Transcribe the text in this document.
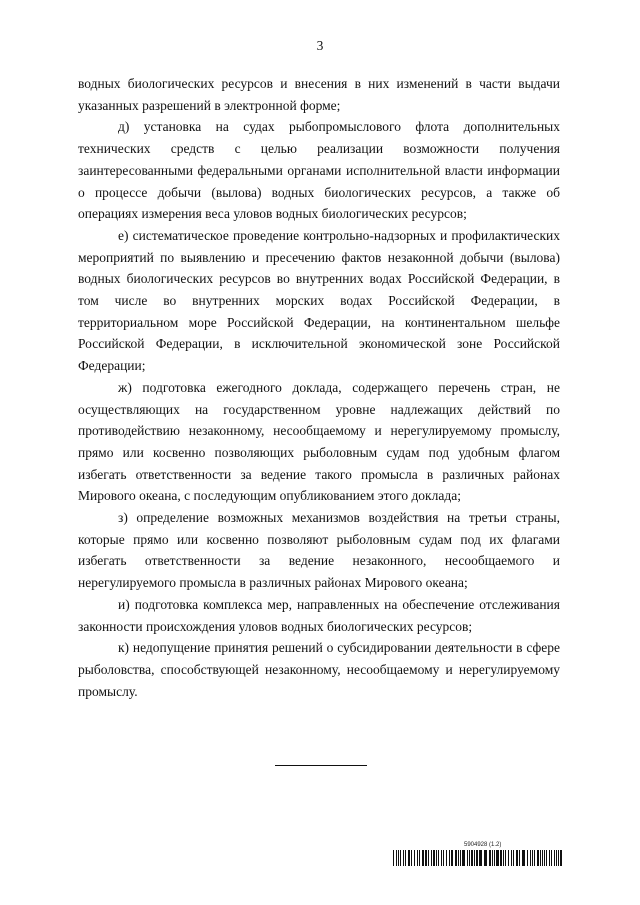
3

водных биологических ресурсов и внесения в них изменений в части выдачи указанных разрешений в электронной форме;

д) установка на судах рыбопромыслового флота дополнительных технических средств с целью реализации возможности получения заинтересованными федеральными органами исполнительной власти информации о процессе добычи (вылова) водных биологических ресурсов, а также об операциях измерения веса уловов водных биологических ресурсов;

е) систематическое проведение контрольно-надзорных и профилактических мероприятий по выявлению и пресечению фактов незаконной добычи (вылова) водных биологических ресурсов во внутренних водах Российской Федерации, в том числе во внутренних морских водах Российской Федерации, в территориальном море Российской Федерации, на континентальном шельфе Российской Федерации, в исключительной экономической зоне Российской Федерации;

ж) подготовка ежегодного доклада, содержащего перечень стран, не осуществляющих на государственном уровне надлежащих действий по противодействию незаконному, несообщаемому и нерегулируемому промыслу, прямо или косвенно позволяющих рыболовным судам под удобным флагом избегать ответственности за ведение такого промысла в различных районах Мирового океана, с последующим опубликованием этого доклада;

з) определение возможных механизмов воздействия на третьи страны, которые прямо или косвенно позволяют рыболовным судам под их флагами избегать ответственности за ведение незаконного, несообщаемого и нерегулируемого промысла в различных районах Мирового океана;

и) подготовка комплекса мер, направленных на обеспечение отслеживания законности происхождения уловов водных биологических ресурсов;

к) недопущение принятия решений о субсидировании деятельности в сфере рыболовства, способствующей незаконному, несообщаемому и нерегулируемому промыслу.

5904928 (1.2)
